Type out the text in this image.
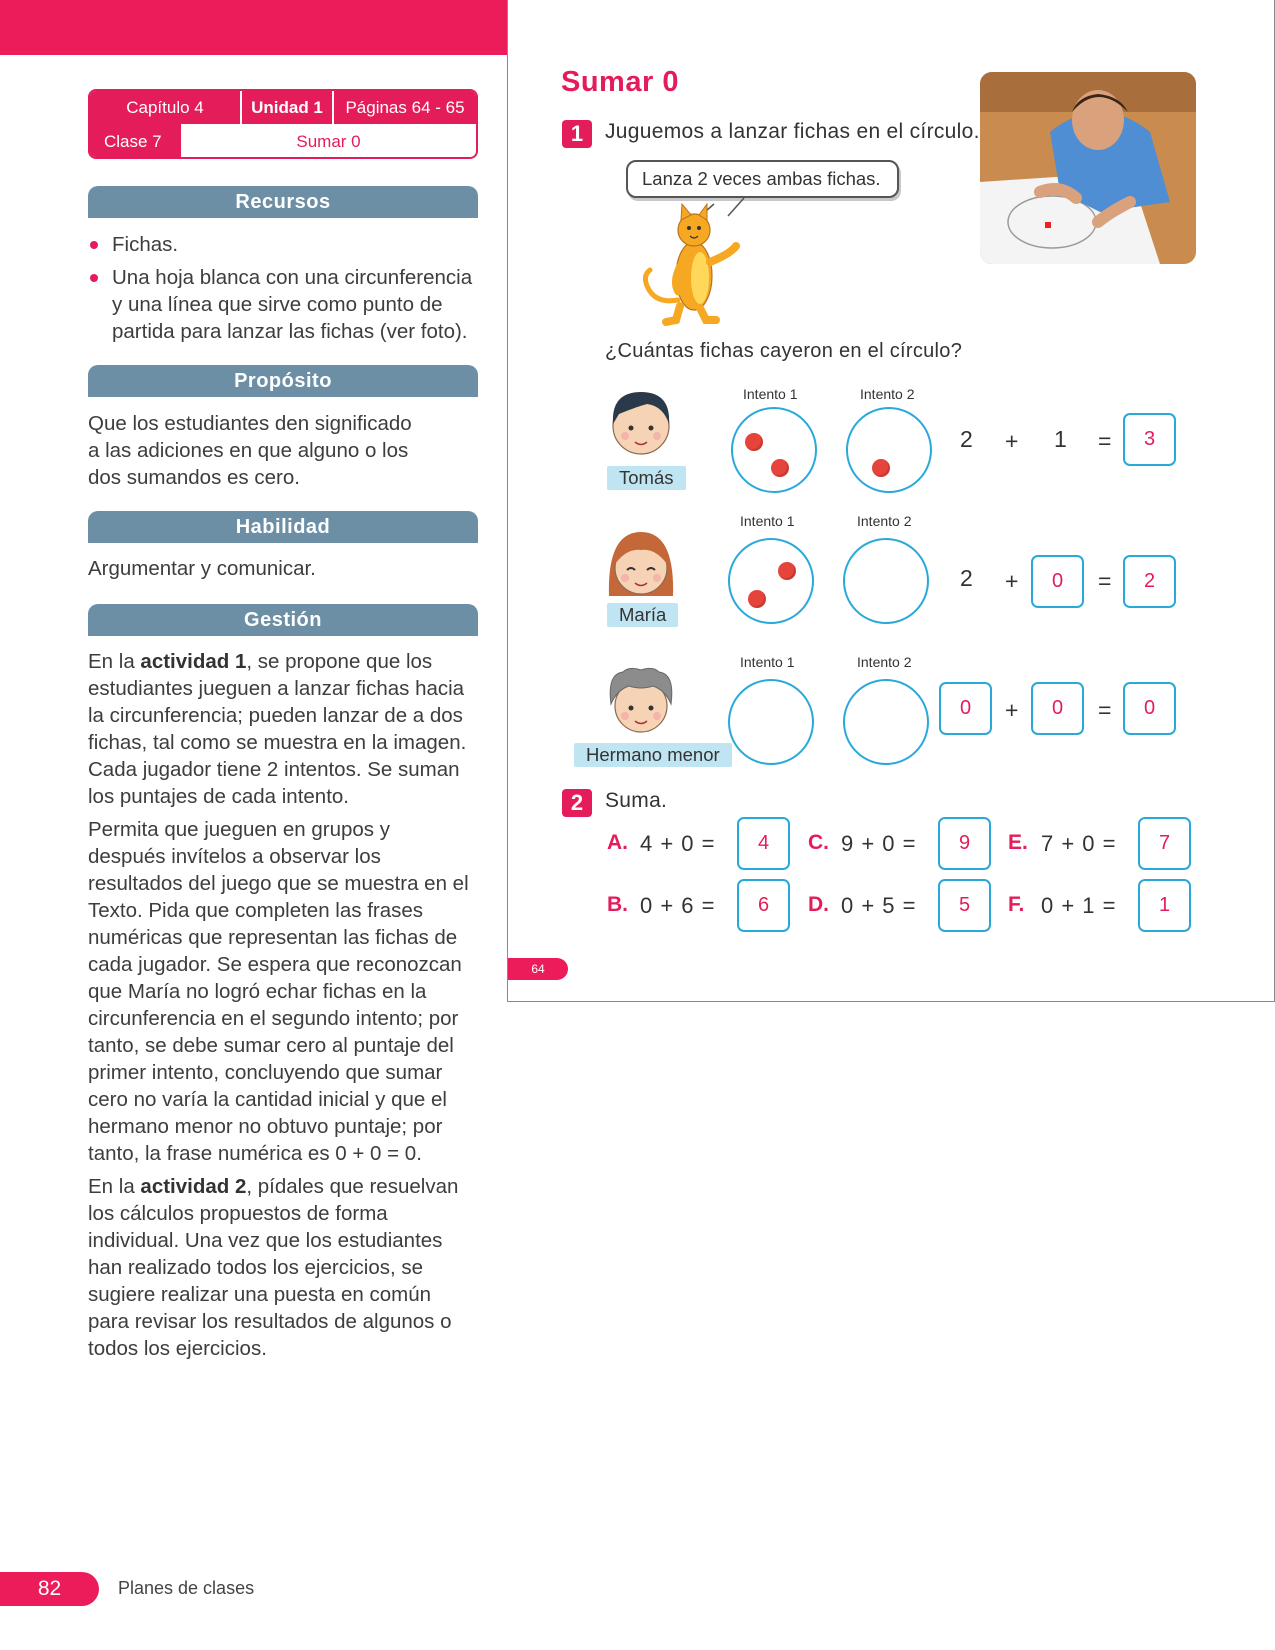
Capítulo 4	Unidad 1	Páginas 64 - 65
Clase 7	Sumar 0
Recursos
Fichas.
Una hoja blanca con una circunferencia y una línea que sirve como punto de partida para lanzar las fichas (ver foto).
Propósito
Que los estudiantes den significado a las adiciones en que alguno o los dos sumandos es cero.
Habilidad
Argumentar y comunicar.
Gestión

En la actividad 1, se propone que los estudiantes jueguen a lanzar fichas hacia la circunferencia; pueden lanzar de a dos fichas, tal como se muestra en la imagen. Cada jugador tiene 2 intentos. Se suman los puntajes de cada intento.

Permita que jueguen en grupos y después invítelos a observar los resultados del juego que se muestra en el Texto. Pida que completen las frases numéricas que representan las fichas de cada jugador. Se espera que reconozcan que María no logró echar fichas en la circunferencia en el segundo intento; por tanto, se debe sumar cero al puntaje del primer intento, concluyendo que sumar cero no varía la cantidad inicial y que el hermano menor no obtuvo puntaje; por tanto, la frase numérica es 0 + 0 = 0.

En la actividad 2, pídales que resuelvan los cálculos propuestos de forma individual. Una vez que los estudiantes han realizado todos los ejercicios, se sugiere realizar una puesta en común para revisar los resultados de algunos o todos los ejercicios.

82	Planes de clases
Sumar 0
1	Juguemos a lanzar fichas en el círculo.
Lanza 2 veces ambas fichas.
¿Cuántas fichas cayeron en el círculo?
Tomás
Intento 1	Intento 2
2 + 1 =	3
María
Intento 1	Intento 2
2 +	0	=	2
Hermano menor
Intento 1	Intento 2
0	+	0	=	0
2	Suma.
A. 4 + 0 =	4	C. 9 + 0 =	9	E. 7 + 0 =	7
B. 0 + 6 =	6	D. 0 + 5 =	5	F. 0 + 1 =	1
64
